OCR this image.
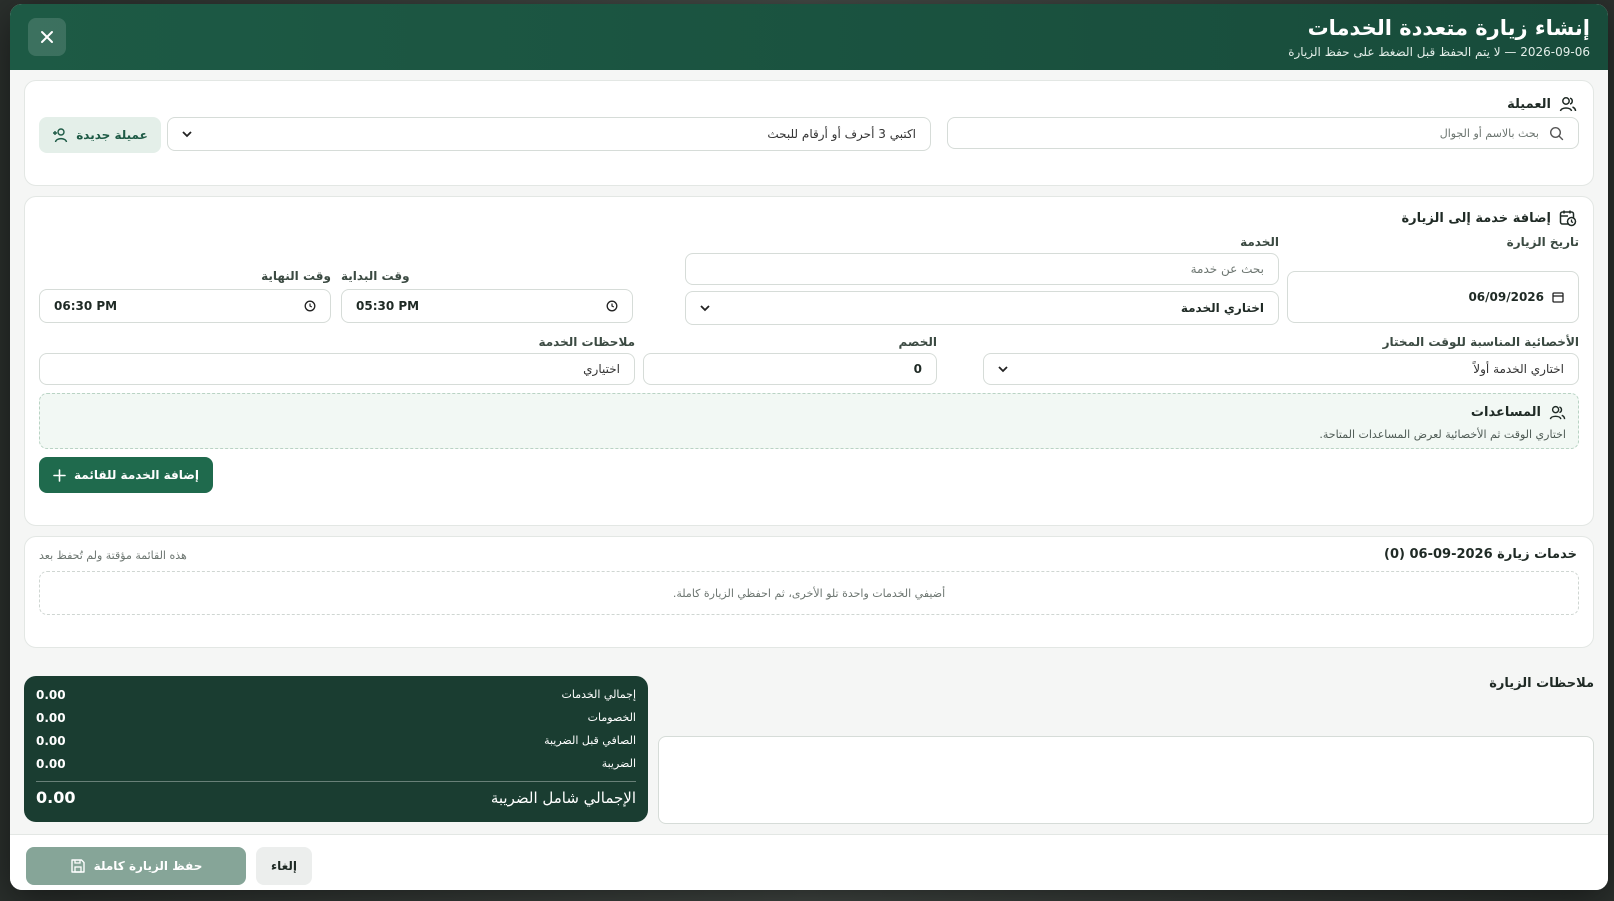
إنشاء زيارة متعددة الخدمات
2026-09-06 — لا يتم الحفظ قبل الضغط على حفظ الزيارة
العميلة
بحث بالاسم أو الجوال
اكتبي 3 أحرف أو أرقام للبحث
عميلة جديدة
إضافة خدمة إلى الزيارة
تاريخ الزيارة
06/09/2026
الخدمة
بحث عن خدمة
اختاري الخدمة
وقت البداية
05:30 PM
وقت النهاية
06:30 PM
الأخصائية المناسبة للوقت المختار
اختاري الخدمة أولاً
الخصم
0
ملاحظات الخدمة
اختياري
المساعدات
اختاري الوقت ثم الأخصائية لعرض المساعدات المتاحة.
إضافة الخدمة للقائمة
خدمات زيارة 2026-09-06 (0)
هذه القائمة مؤقتة ولم تُحفظ بعد
أضيفي الخدمات واحدة تلو الأخرى، ثم احفظي الزيارة كاملة.
إجمالي الخدمات
0.00
الخصومات
0.00
الصافي قبل الضريبة
0.00
الضريبة
0.00
الإجمالي شامل الضريبة
0.00
ملاحظات الزيارة
إلغاء
حفظ الزيارة كاملة
